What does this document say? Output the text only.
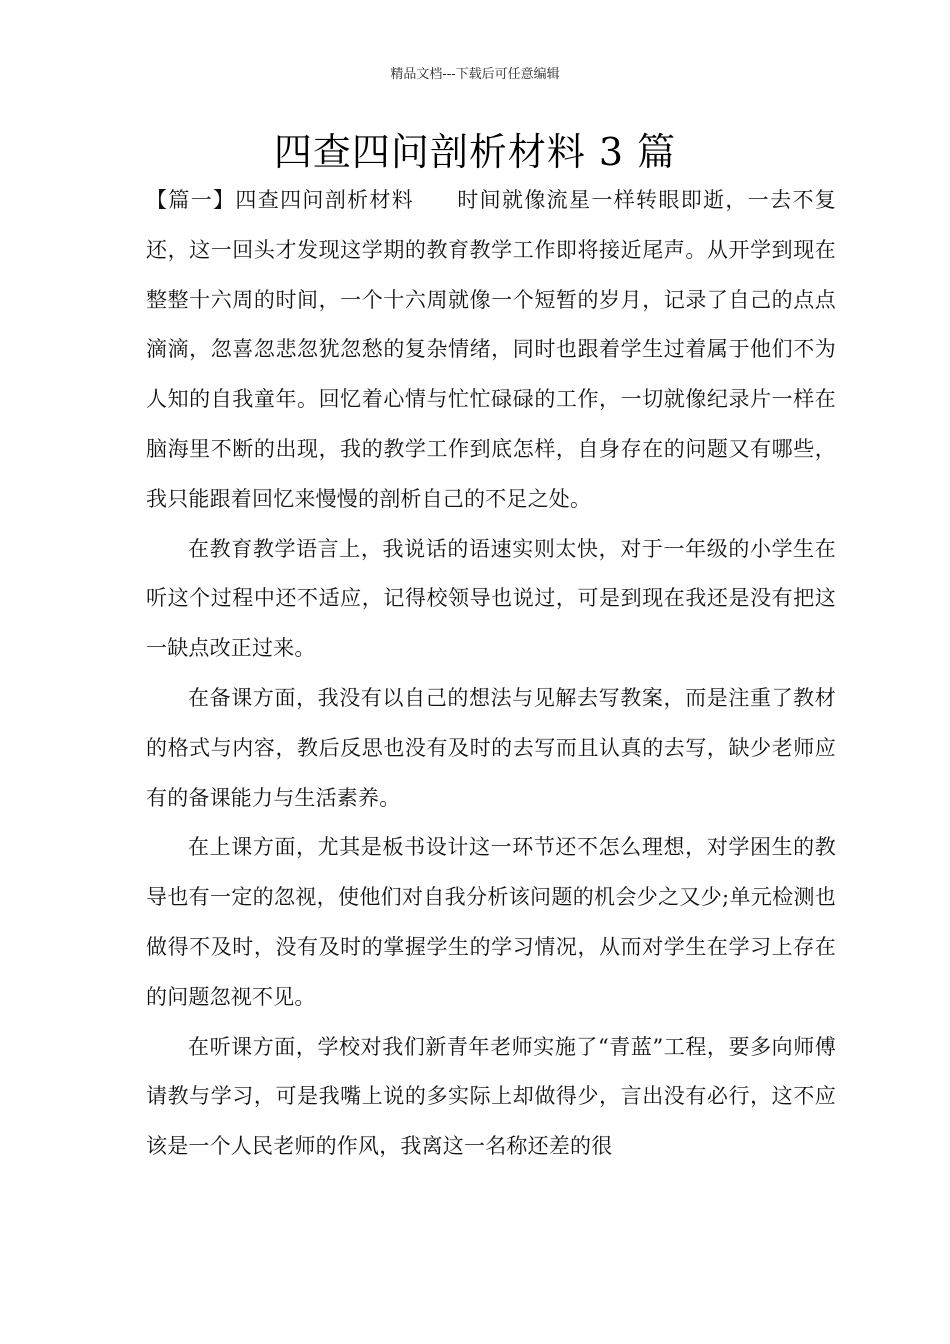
精品文档---下载后可任意编辑
四查四问剖析材料 3 篇

【篇一】四查四问剖析材料 时间就像流星一样转眼即逝，一去不复还，这一回头才发现这学期的教育教学工作即将接近尾声。从开学到现在整整十六周的时间，一个十六周就像一个短暂的岁月，记录了自己的点点滴滴，忽喜忽悲忽犹忽愁的复杂情绪，同时也跟着学生过着属于他们不为人知的自我童年。回忆着心情与忙忙碌碌的工作，一切就像纪录片一样在脑海里不断的出现，我的教学工作到底怎样，自身存在的问题又有哪些，我只能跟着回忆来慢慢的剖析自己的不足之处。

在教育教学语言上，我说话的语速实则太快，对于一年级的小学生在听这个过程中还不适应，记得校领导也说过，可是到现在我还是没有把这一缺点改正过来。

在备课方面，我没有以自己的想法与见解去写教案，而是注重了教材的格式与内容，教后反思也没有及时的去写而且认真的去写，缺少老师应有的备课能力与生活素养。

在上课方面，尤其是板书设计这一环节还不怎么理想，对学困生的教导也有一定的忽视，使他们对自我分析该问题的机会少之又少;单元检测也做得不及时，没有及时的掌握学生的学习情况，从而对学生在学习上存在的问题忽视不见。

在听课方面，学校对我们新青年老师实施了“青蓝”工程，要多向师傅请教与学习，可是我嘴上说的多实际上却做得少，言出没有必行，这不应该是一个人民老师的作风，我离这一名称还差的很
